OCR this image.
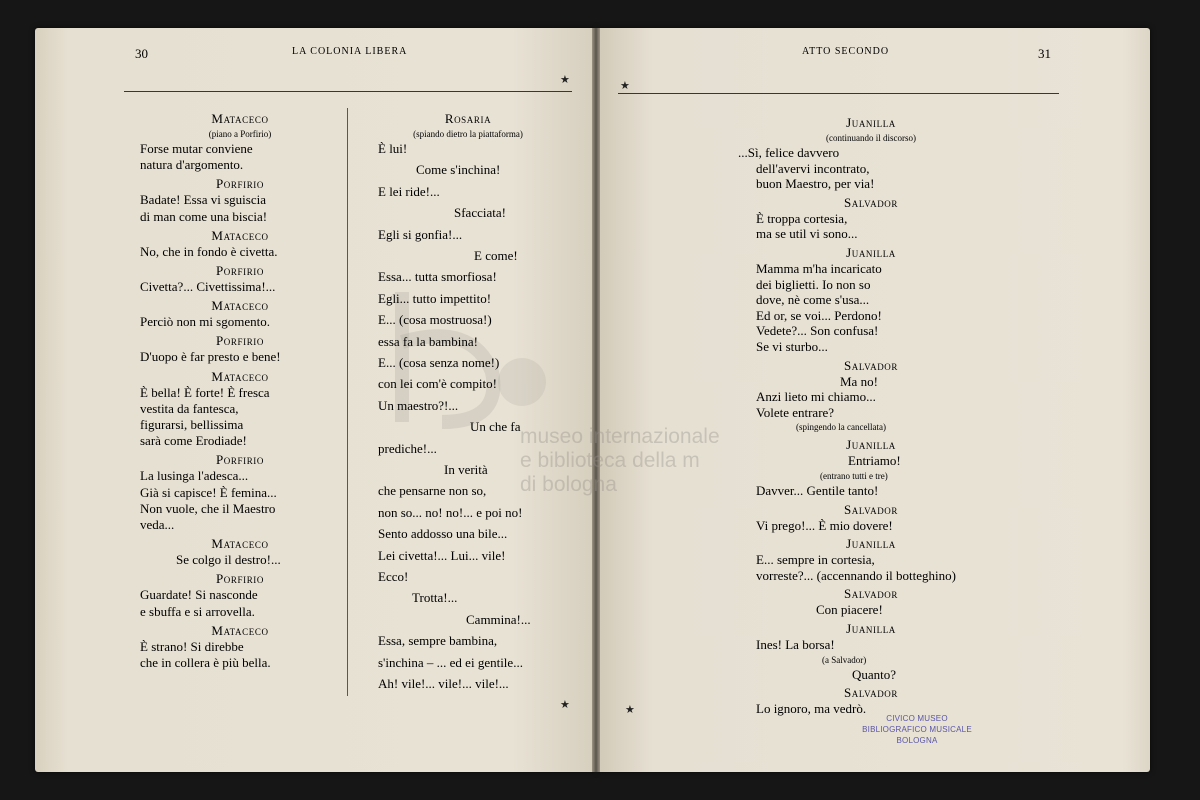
30	LA COLONIA LIBERA
★	★
ATTO SECONDO	31
Mataceco
(piano a Porfirio)
Forse mutar conviene
natura d'argomento.
Porfirio
Badate! Essa vi sguiscia
di man come una biscia!
Mataceco
No, che in fondo è civetta.
Porfirio
Civetta?... Civettissima!...
Mataceco
Perciò non mi sgomento.
Porfirio
D'uopo è far presto e bene!
Mataceco
È bella! È forte! È fresca
vestita da fantesca,
figurarsi, bellissima
sarà come Erodiade!
Porfirio
La lusinga l'adesca...
Già si capisce! È femina...
Non vuole, che il Maestro
veda...
Mataceco
Se colgo il destro!...
Porfirio
Guardate! Si nasconde
e sbuffa e si arrovella.
Mataceco
È strano! Si direbbe
che in collera è più bella.
Rosaria
(spiando dietro la piattaforma)
È lui!
Come s'inchina!
E lei ride!...
Sfacciata!
Egli si gonfia!...
E come!
Essa... tutta smorfiosa!
Egli... tutto impettito!
E... (cosa mostruosa!)
essa fa la bambina!
E... (cosa senza nome!)
con lei com'è compito!
Un maestro?!...
Un che fa
prediche!...
In verità
che pensarne non so,
non so... no! no!... e poi no!
Sento addosso una bile...
Lei civetta!... Lui... vile!
Ecco!
Trotta!...
Cammina!...
Essa, sempre bambina,
s'inchina – ... ed ei gentile...
Ah! vile!... vile!... vile!...
★	★
Juanilla
(continuando il discorso)
...Sì, felice davvero
dell'avervi incontrato,
buon Maestro, per via!
Salvador
È troppa cortesia,
ma se util vi sono...
Juanilla
Mamma m'ha incaricato
dei biglietti. Io non so
dove, nè come s'usa...
Ed or, se voi... Perdono!
Vedete?... Son confusa!
Se vi sturbo...
Salvador
Ma no!
Anzi lieto mi chiamo...
Volete entrare?
(spingendo la cancellata)
Juanilla
Entriamo!
(entrano tutti e tre)
Davver... Gentile tanto!
Salvador
Vi prego!... È mio dovere!
Juanilla
E... sempre in cortesia,
vorreste?... (accennando il botteghino)
Salvador
Con piacere!
Juanilla
Ines! La borsa!
(a Salvador)
Quanto?
Salvador
Lo ignoro, ma vedrò.
museo internazionale
e biblioteca della m
di bologna
CIVICO MUSEO
BIBLIOGRAFICO MUSICALE
BOLOGNA
